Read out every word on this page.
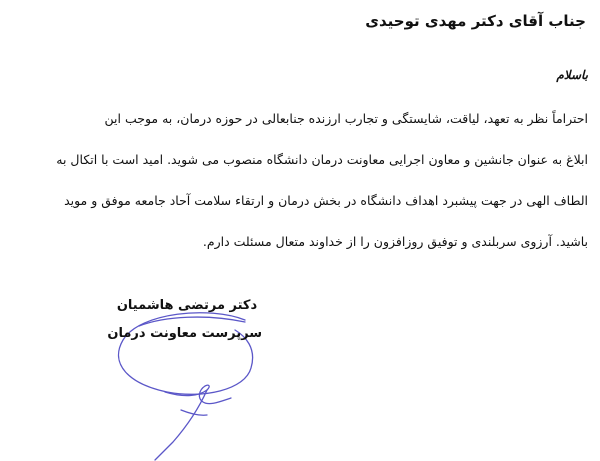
جناب آقای دکتر مهدی توحیدی
باسلام
احتراماً نظر به تعهد، لیاقت، شایستگی و تجارب ارزنده جنابعالی در حوزه درمان، به موجب این
ابلاغ به عنوان جانشین و معاون اجرایی معاونت درمان دانشگاه منصوب می شوید. امید است با اتکال به
الطاف الهی در جهت پیشبرد اهداف دانشگاه در بخش درمان و ارتقاء سلامت آحاد جامعه موفق و موید
باشید. آرزوی سربلندی و توفیق روزافزون را از خداوند متعال مسئلت دارم.
دکتر مرتضی هاشمیان
سرپرست معاونت درمان
